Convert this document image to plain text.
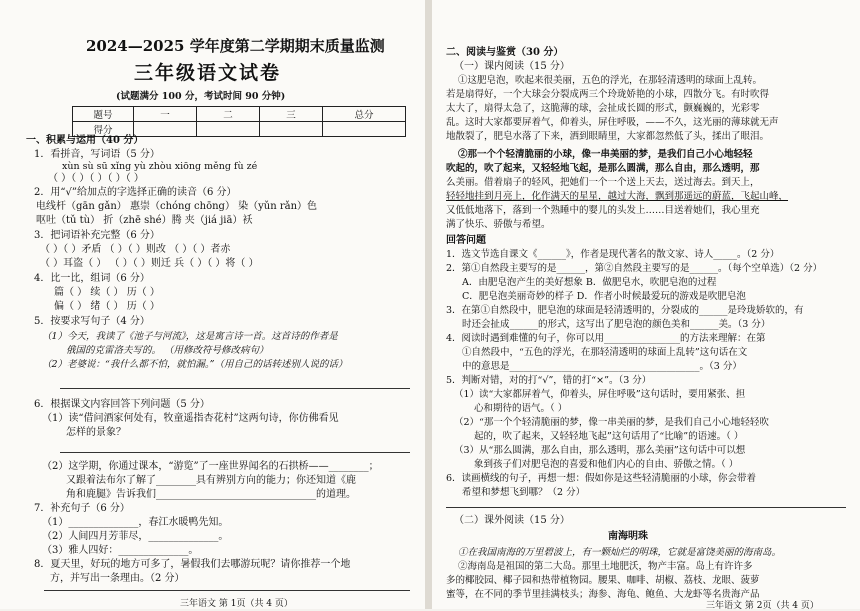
2024—2025 学年度第二学期期末质量监测
三年级语文试卷
(试题满分 100 分，考试时间 90 分钟)
题号	一	二	三	总分
得分				
一、积累与运用（40 分）
1．看拼音，写词语（5 分）
xùn sù sū xǐng yù zhòu xiōng měng fù zé
（ ）（ ）（ ）（ ）（ ）
2．用“√”给加点的字选择正确的读音（6 分）
电线杆（gān gǎn） 惠崇（chóng chōng） 染（yǔn rǎn）色
呕吐（tǔ tù） 折（zhē shé）腾 夹（jiá jiā）袄
3．把词语补充完整（6 分）
（ ）（ ）矛盾 （ ）（ ）则改 （ ）（ ）者赤
（ ）耳盗（ ） （ ）（ ）则迁 兵（ ）（ ）将（ ）
4．比一比，组词（6 分）
篇（ ） 续（ ） 历（ ）
偏（ ） 绪（ ） 历（ ）
5．按要求写句子（4 分）
（1）今天，我读了《池子与河流》，这是寓言诗一首。这首诗的作者是
俄国的克雷洛夫写的。 （用修改符号修改病句）
（2）老婆说：“我什么都不怕，就怕漏。”（用自己的话转述别人说的话）
6．根据课文内容回答下列问题（5 分）
（1）读“借问酒家何处有，牧童遥指杏花村”这两句诗，你仿佛看见
怎样的景象？
（2）这学期，你通过课本，“游览”了一座世界闻名的石拱桥——________；
又跟着法布尔了解了________具有辨别方向的能力；你还知道《鹿
角和鹿腿》告诉我们________________________________的道理。
7．补充句子（6 分）
（1）______________，春江水暖鸭先知。
（2）人间四月芳菲尽，______________。
（3）雅人四好：______________。
8．夏天里，好玩的地方可多了，暑假我们去哪游玩呢？请你推荐一个地
方，并写出一条理由。（2 分）
三年语文 第 1页（共 4 页）
二、阅读与鉴赏（30 分）
（一）课内阅读（15 分）
①这肥皂泡，吹起来很美丽，五色的浮光，在那轻清透明的球面上乱转。
若是扇得好，一个大球会分裂成两三个玲珑娇艳的小球，四散分飞。有时吹得
太大了，扇得太急了，这脆薄的球，会扯成长圆的形式，颤巍巍的，光彩零
乱。这时大家都要屏着气，仰着头，屏住呼吸，——不久，这光丽的薄球就无声
地散裂了，肥皂水落了下来，洒到眼睛里，大家都忽然低了头，揉出了眼泪。
②那一个个轻清脆丽的小球，像一串美丽的梦，是我们自己小心地轻轻
吹起的，吹了起来，又轻轻地飞起，是那么圆满，那么自由，那么透明，那
么美丽。借着扇子的轻风，把她们一个一个送上天去，送过海去。到天上，
轻轻地挂到月亮上，化作满天的星星，越过大海，飘到那遥远的蔚蓝，飞起山峰，
又低低地落下，落到一个熟睡中的婴儿的头发上……目送着她们，我心里充
满了快乐、骄傲与希望。
回答问题
1．选文节选自课文《______》，作者是现代著名的散文家、诗人_____。（2 分）
2．第①自然段主要写的是______，第②自然段主要写的是______。（每个空单选）（2 分）
A．由肥皂泡产生的美好想象 B．做肥皂水，吹肥皂泡的过程
C．肥皂泡美丽奇妙的样子 D．作者小时候最爱玩的游戏是吹肥皂泡
3．在第①自然段中，肥皂泡的球面是轻清透明的，分裂成的______是玲珑娇软的，有
时还会扯成______的形式，这写出了肥皂泡的颜色美和______美。（3 分）
4．阅读时遇到难懂的句子，你可以用________________的方法来理解：在第
①自然段中，“五色的浮光，在那轻清透明的球面上乱转”这句话在文
中的意思是________________________________________。（3 分）
5．判断对错，对的打“√”，错的打“×”。（3 分）
（1）读“大家都屏着气，仰着头，屏住呼吸”这句话时，要用紧张、担
心和期待的语气。（ ）
（2）“那一个个轻清脆丽的梦，像一串美丽的梦，是我们自己小心地轻轻吹
起的，吹了起来，又轻轻地飞起”这句话用了“比喻”的语速。（ ）
（3）从“那么圆满，那么自由，那么透明，那么美丽”这句话中可以想
象到孩子们对肥皂泡的喜爱和他们内心的自由、骄傲之情。（ ）
6．读画横线的句子，再想一想：假如你是这些轻清脆丽的小球，你会带着
希望和梦想飞到哪？（2 分）
（二）课外阅读（15 分）
南海明珠
①在我国南海的万里碧波上，有一颗灿烂的明珠，它就是富饶美丽的海南岛。
②海南岛是祖国的第二大岛。那里土地肥沃，物产丰富。岛上有许许多
多的椰胶园、椰子园和热带植物园。腰果、咖啡、胡椒、荔枝、龙眼、菠萝
蜜等，在不同的季节里挂满枝头；海参、海龟、鲍鱼、大龙虾等名贵海产品
三年语文 第 2页（共 4 页）
